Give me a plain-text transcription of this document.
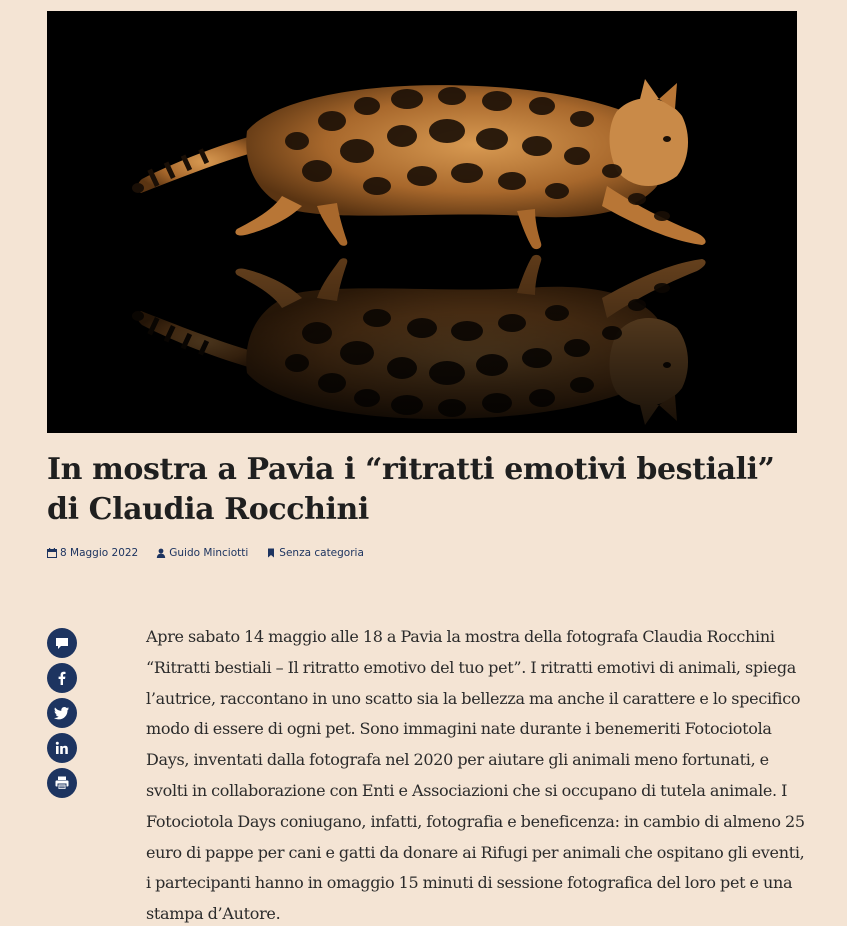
In mostra a Pavia i “ritratti emotivi bestiali” di Claudia Rocchini
8 Maggio 2022	Guido Minciotti	Senza categoria

Apre sabato 14 maggio alle 18 a Pavia la mostra della fotografa Claudia Rocchini “Ritratti bestiali – Il ritratto emotivo del tuo pet”. I ritratti emotivi di animali, spiega l’autrice, raccontano in uno scatto sia la bellezza ma anche il carattere e lo specifico modo di essere di ogni pet. Sono immagini nate durante i benemeriti Fotociotola Days, inventati dalla fotografa nel 2020 per aiutare gli animali meno fortunati, e svolti in collaborazione con Enti e Associazioni che si occupano di tutela animale. I Fotociotola Days coniugano, infatti, fotografia e beneficenza: in cambio di almeno 25 euro di pappe per cani e gatti da donare ai Rifugi per animali che ospitano gli eventi, i partecipanti hanno in omaggio 15 minuti di sessione fotografica del loro pet e una stampa d’Autore.
